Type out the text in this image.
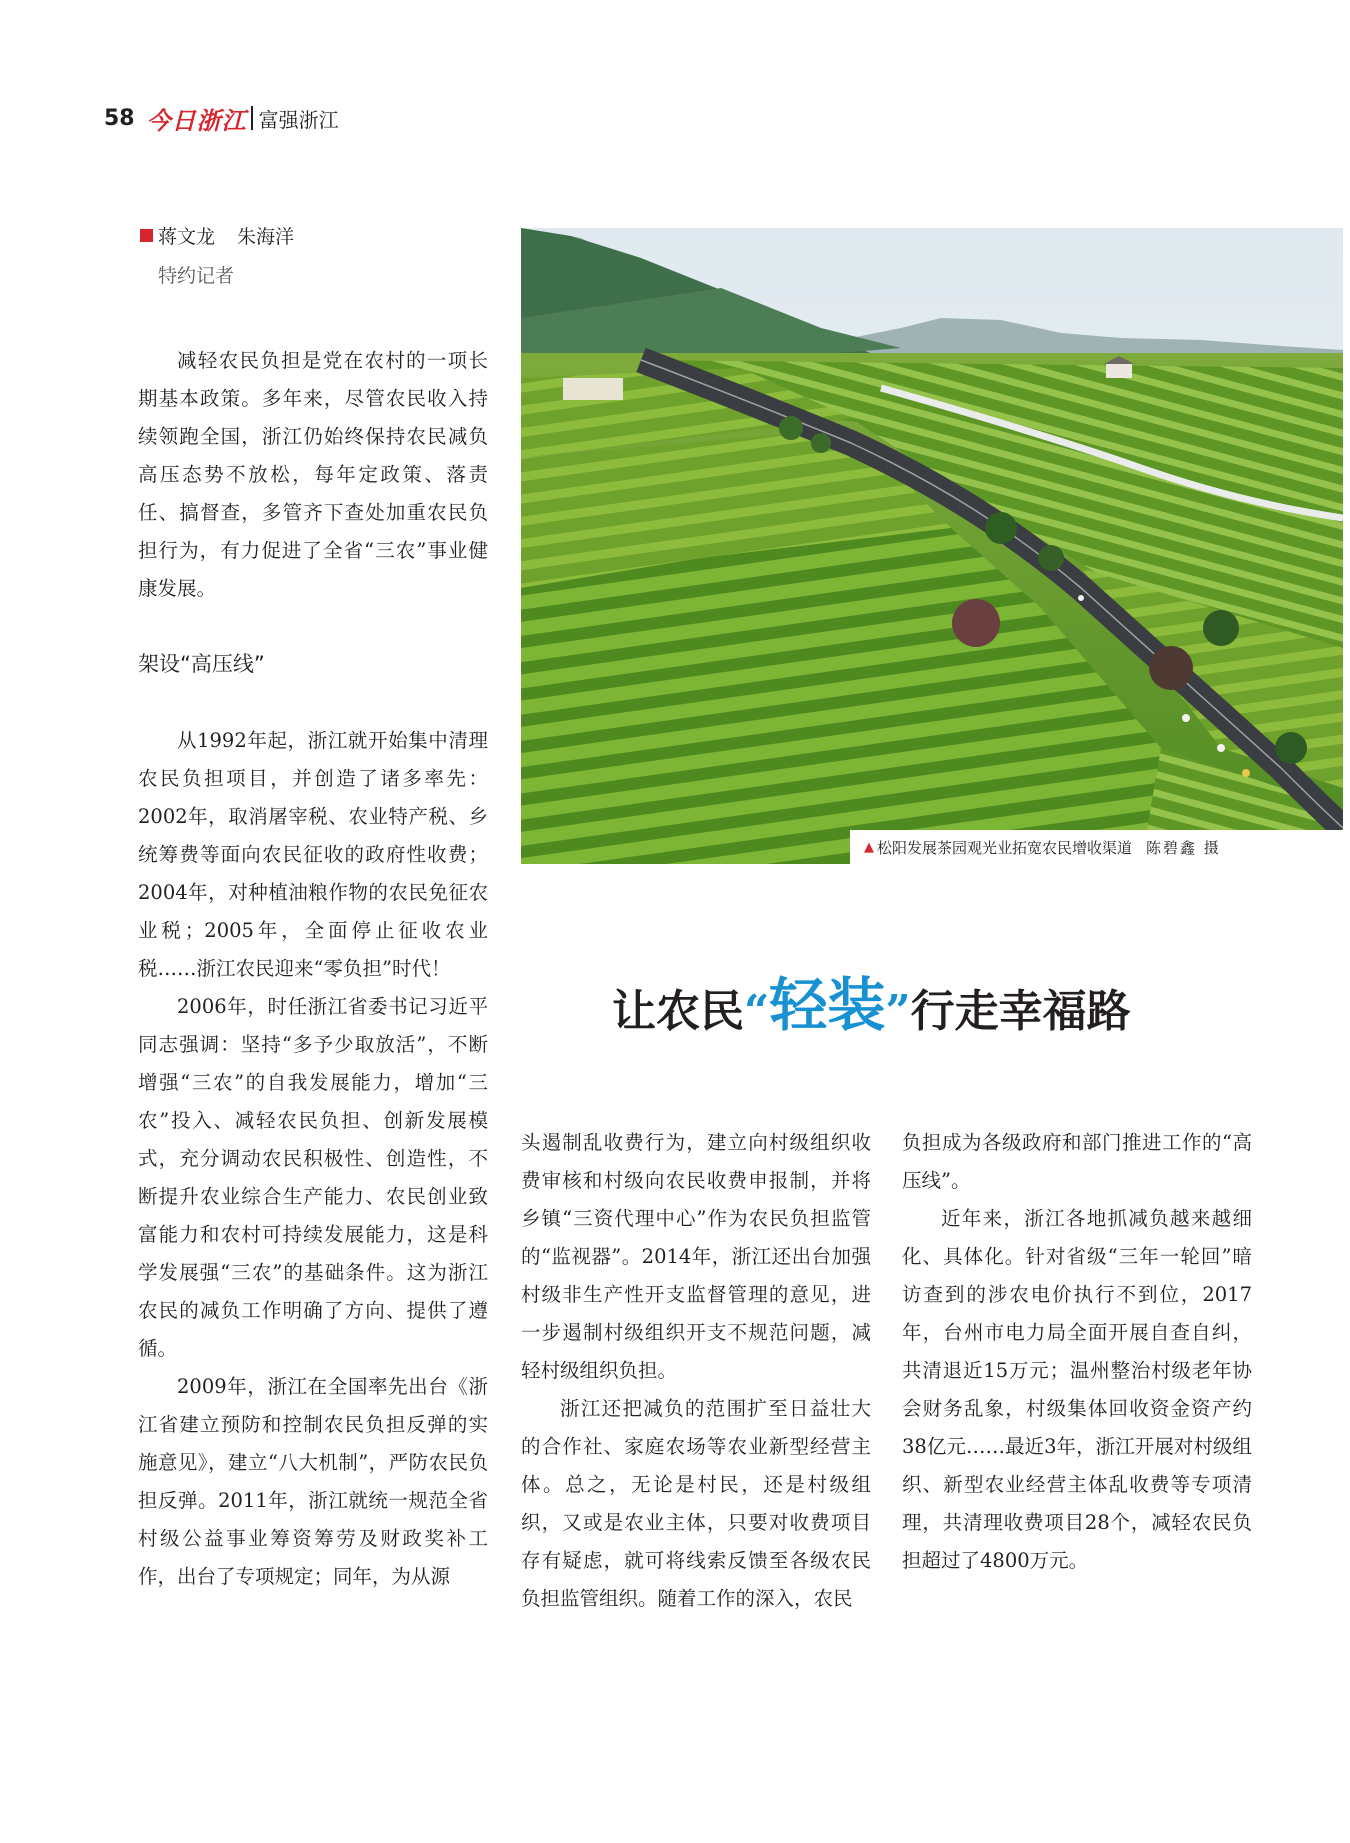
58 今日浙江 富强浙江
蒋文龙 朱海洋
特约记者

减轻农民负担是党在农村的一项长期基本政策。多年来，尽管农民收入持续领跑全国，浙江仍始终保持农民减负高压态势不放松，每年定政策、落责任、搞督查，多管齐下查处加重农民负担行为，有力促进了全省“三农”事业健康发展。

架设“高压线”

从1992年起，浙江就开始集中清理农民负担项目，并创造了诸多率先：2002年，取消屠宰税、农业特产税、乡统筹费等面向农民征收的政府性收费；2004年，对种植油粮作物的农民免征农业税；2005年，全面停止征收农业税……浙江农民迎来“零负担”时代！

2006年，时任浙江省委书记习近平同志强调：坚持“多予少取放活”，不断增强“三农”的自我发展能力，增加“三农”投入、减轻农民负担、创新发展模式，充分调动农民积极性、创造性，不断提升农业综合生产能力、农民创业致富能力和农村可持续发展能力，这是科学发展强“三农”的基础条件。这为浙江农民的减负工作明确了方向、提供了遵循。

2009年，浙江在全国率先出台《浙江省建立预防和控制农民负担反弹的实施意见》，建立“八大机制”，严防农民负担反弹。2011年，浙江就统一规范全省村级公益事业筹资筹劳及财政奖补工作，出台了专项规定；同年，为从源

▲ 松阳发展茶园观光业拓宽农民增收渠道 陈碧鑫 摄
让农民 “ 轻装 ” 行走幸福路

头遏制乱收费行为，建立向村级组织收费审核和村级向农民收费申报制，并将乡镇“三资代理中心”作为农民负担监管的“监视器”。2014年，浙江还出台加强村级非生产性开支监督管理的意见，进一步遏制村级组织开支不规范问题，减轻村级组织负担。

浙江还把减负的范围扩至日益壮大的合作社、家庭农场等农业新型经营主体。总之，无论是村民，还是村级组织，又或是农业主体，只要对收费项目存有疑虑，就可将线索反馈至各级农民负担监管组织。随着工作的深入，农民

负担成为各级政府和部门推进工作的“高压线”。

近年来，浙江各地抓减负越来越细化、具体化。针对省级“三年一轮回”暗访查到的涉农电价执行不到位，2017年，台州市电力局全面开展自查自纠，共清退近15万元；温州整治村级老年协会财务乱象，村级集体回收资金资产约38亿元……最近3年，浙江开展对村级组织、新型农业经营主体乱收费等专项清理，共清理收费项目28个，减轻农民负担超过了4800万元。
